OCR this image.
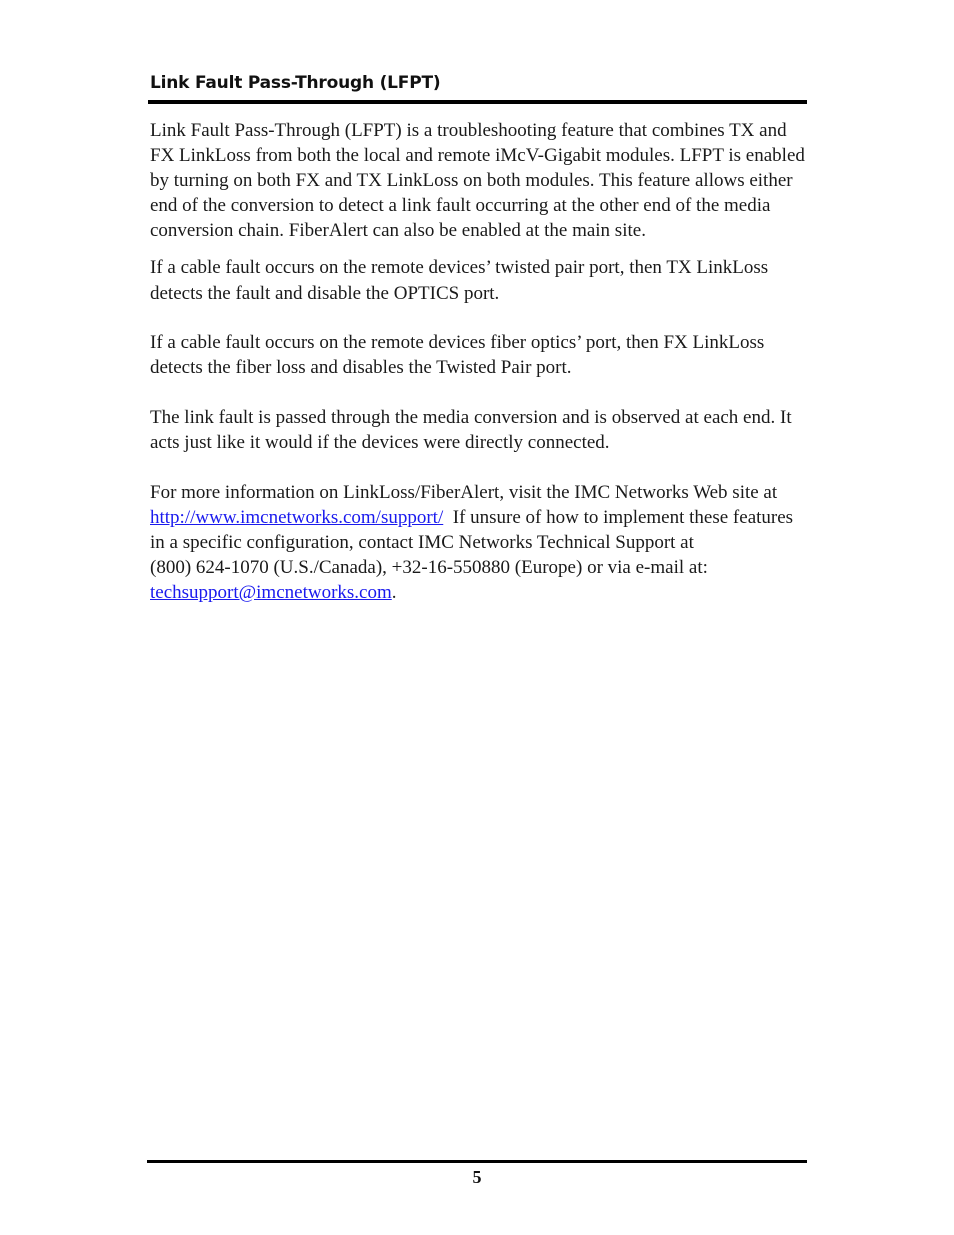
Link Fault Pass-Through (LFPT)

Link Fault Pass-Through (LFPT) is a troubleshooting feature that combines TX and FX LinkLoss from both the local and remote iMcV-Gigabit modules. LFPT is enabled by turning on both FX and TX LinkLoss on both modules. This feature allows either end of the conversion to detect a link fault occurring at the other end of the media conversion chain. FiberAlert can also be enabled at the main site.

If a cable fault occurs on the remote devices’ twisted pair port, then TX LinkLoss
detects the fault and disable the OPTICS port.

If a cable fault occurs on the remote devices fiber optics’ port, then FX LinkLoss detects the fiber loss and disables the Twisted Pair port.

The link fault is passed through the media conversion and is observed at each end. It acts just like it would if the devices were directly connected.

For more information on LinkLoss/FiberAlert, visit the IMC Networks Web site at
http://www.imcnetworks.com/support/  If unsure of how to implement these features in a specific configuration, contact IMC Networks Technical Support at
(800) 624-1070 (U.S./Canada), +32-16-550880 (Europe) or via e-mail at:
techsupport@imcnetworks.com.

5
